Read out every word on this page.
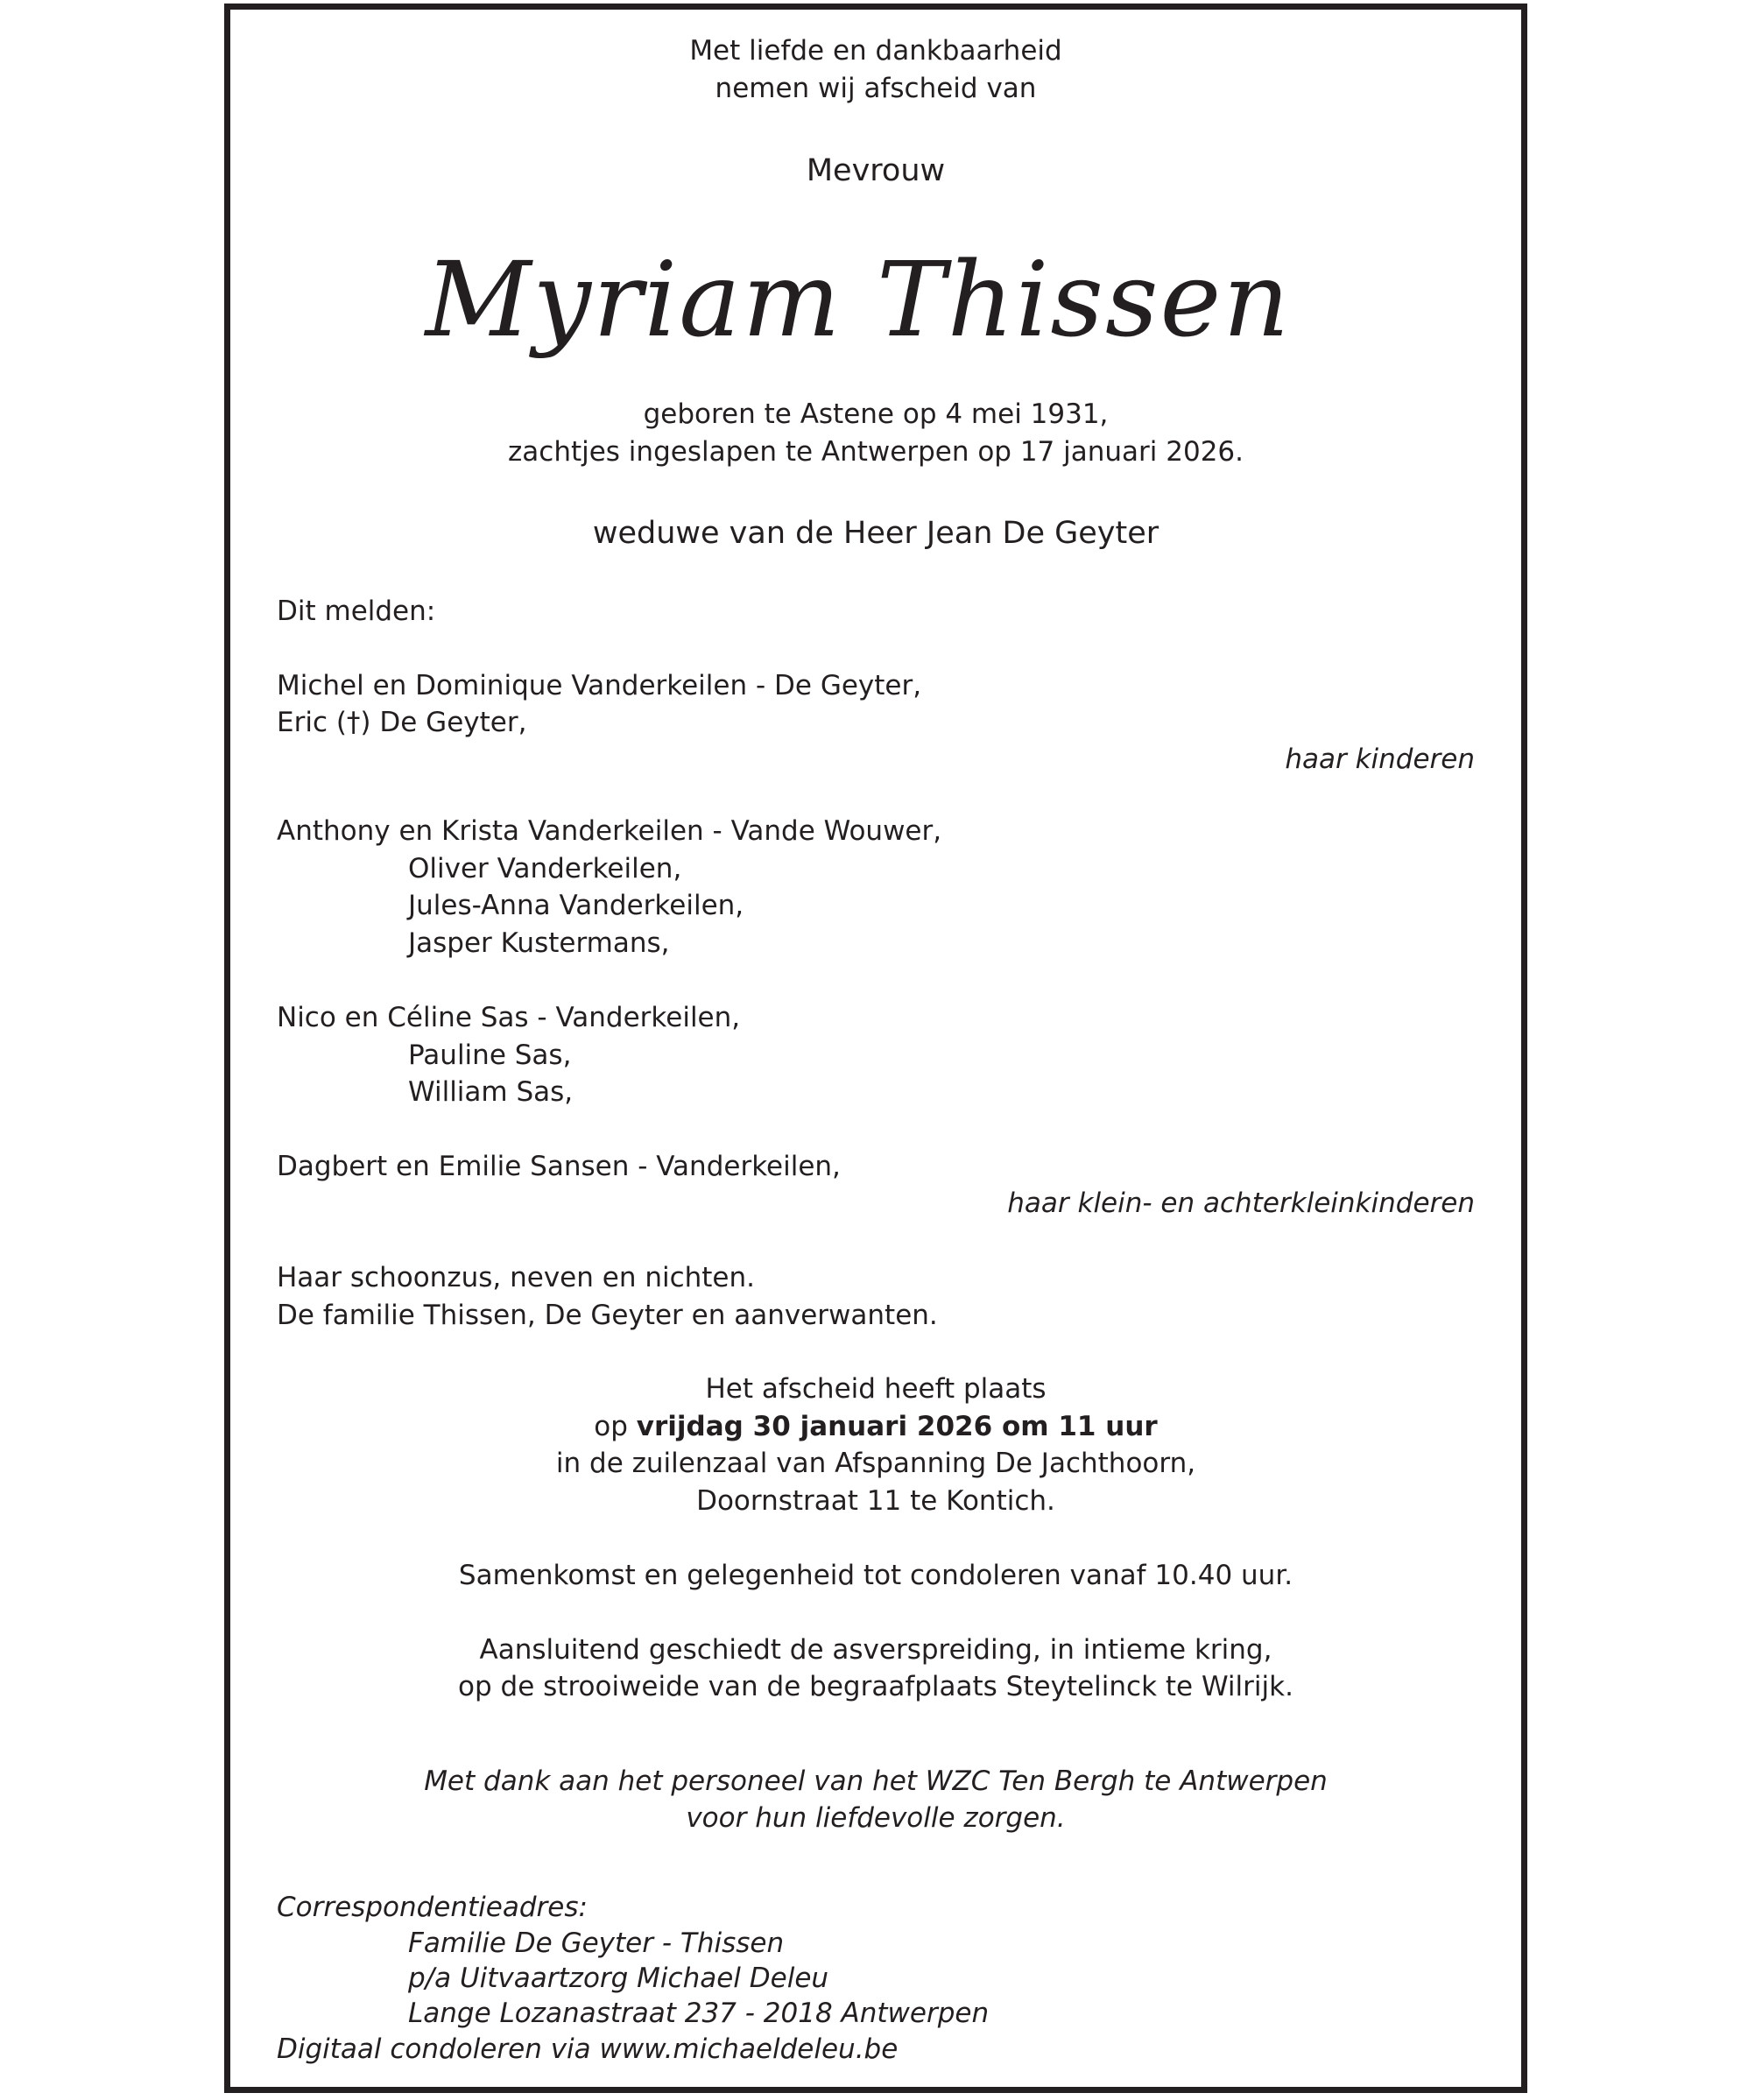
Met liefde en dankbaarheid
nemen wij afscheid van
Mevrouw
Myriam Thissen
geboren te Astene op 4 mei 1931,
zachtjes ingeslapen te Antwerpen op 17 januari 2026.
weduwe van de Heer Jean De Geyter
Dit melden:
Michel en Dominique Vanderkeilen - De Geyter,
Eric (†) De Geyter,
haar kinderen
Anthony en Krista Vanderkeilen - Vande Wouwer,
Oliver Vanderkeilen,
Jules-Anna Vanderkeilen,
Jasper Kustermans,
Nico en Céline Sas - Vanderkeilen,
Pauline Sas,
William Sas,
Dagbert en Emilie Sansen - Vanderkeilen,
haar klein- en achterkleinkinderen
Haar schoonzus, neven en nichten.
De familie Thissen, De Geyter en aanverwanten.
Het afscheid heeft plaats
op vrijdag 30 januari 2026 om 11 uur
in de zuilenzaal van Afspanning De Jachthoorn,
Doornstraat 11 te Kontich.
Samenkomst en gelegenheid tot condoleren vanaf 10.40 uur.
Aansluitend geschiedt de asverspreiding, in intieme kring,
op de strooiweide van de begraafplaats Steytelinck te Wilrijk.
Met dank aan het personeel van het WZC Ten Bergh te Antwerpen
voor hun liefdevolle zorgen.
Correspondentieadres:
Familie De Geyter - Thissen
p/a Uitvaartzorg Michael Deleu
Lange Lozanastraat 237 - 2018 Antwerpen
Digitaal condoleren via www.michaeldeleu.be
